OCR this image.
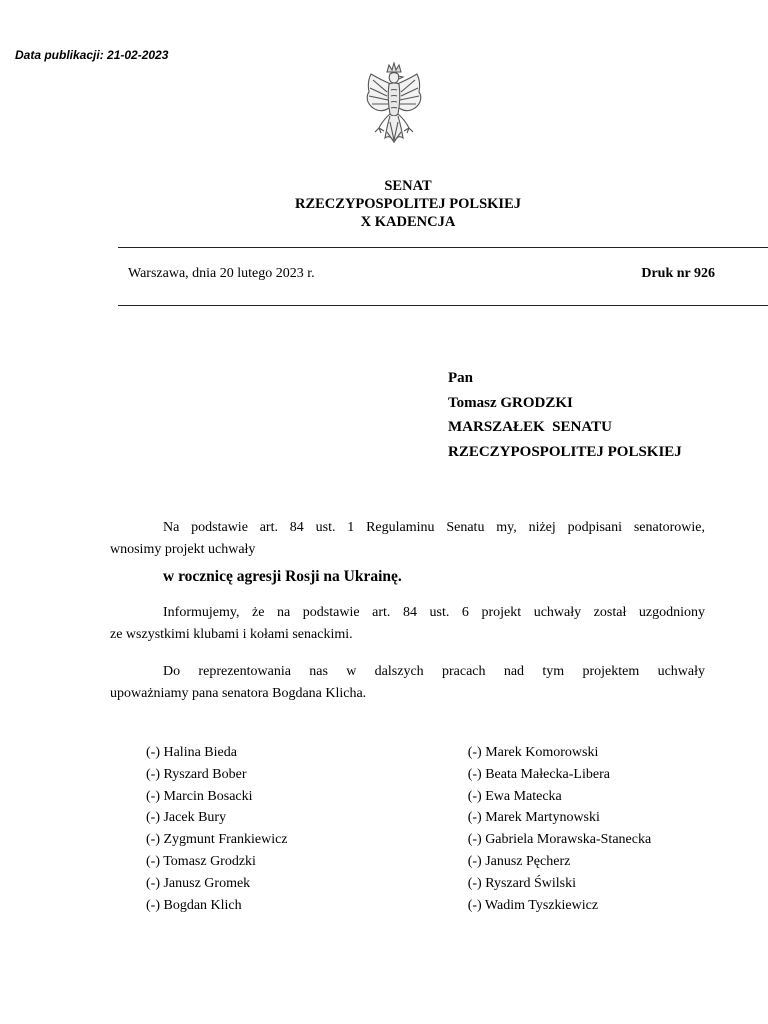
Data publikacji: 21-02-2023
SENAT
RZECZYPOSPOLITEJ POLSKIEJ
X KADENCJA
Warszawa, dnia 20 lutego 2023 r.	Druk nr 926
Pan
Tomasz GRODZKI
MARSZAŁEK  SENATU
RZECZYPOSPOLITEJ POLSKIEJ
Na podstawie art. 84 ust. 1 Regulaminu Senatu my, niżej podpisani senatorowie,
wnosimy projekt uchwały
w rocznicę agresji Rosji na Ukrainę.
Informujemy, że na podstawie art. 84 ust. 6 projekt uchwały został uzgodniony
ze wszystkimi klubami i kołami senackimi.
Do reprezentowania nas w dalszych pracach nad tym projektem uchwały
upoważniamy pana senatora Bogdana Klicha.
(-) Halina Bieda
(-) Ryszard Bober
(-) Marcin Bosacki
(-) Jacek Bury
(-) Zygmunt Frankiewicz
(-) Tomasz Grodzki
(-) Janusz Gromek
(-) Bogdan Klich
(-) Marek Komorowski
(-) Beata Małecka-Libera
(-) Ewa Matecka
(-) Marek Martynowski
(-) Gabriela Morawska-Stanecka
(-) Janusz Pęcherz
(-) Ryszard Świlski
(-) Wadim Tyszkiewicz
